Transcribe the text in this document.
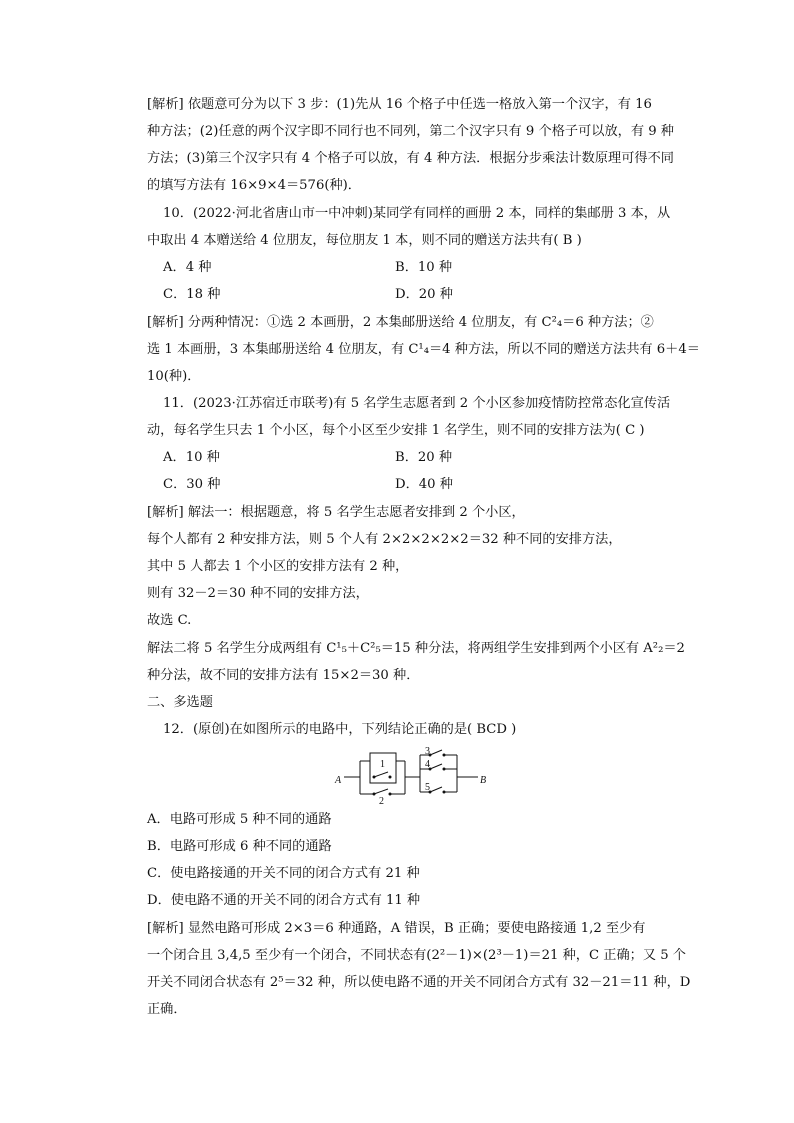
[解析] 依题意可分为以下 3 步：(1)先从 16 个格子中任选一格放入第一个汉字，有 16
种方法；(2)任意的两个汉字即不同行也不同列，第二个汉字只有 9 个格子可以放，有 9 种
方法；(3)第三个汉字只有 4 个格子可以放，有 4 种方法．根据分步乘法计数原理可得不同
的填写方法有 16×9×4＝576(种)．
10．(2022·河北省唐山市一中冲刺)某同学有同样的画册 2 本，同样的集邮册 3 本，从
中取出 4 本赠送给 4 位朋友，每位朋友 1 本，则不同的赠送方法共有( B )
A．4 种	B．10 种
C．18 种	D．20 种
[解析] 分两种情况：①选 2 本画册，2 本集邮册送给 4 位朋友，有 C²₄＝6 种方法；②
选 1 本画册，3 本集邮册送给 4 位朋友，有 C¹₄＝4 种方法，所以不同的赠送方法共有 6＋4＝
10(种)．
11．(2023·江苏宿迁市联考)有 5 名学生志愿者到 2 个小区参加疫情防控常态化宣传活
动，每名学生只去 1 个小区，每个小区至少安排 1 名学生，则不同的安排方法为( C )
A．10 种	B．20 种
C．30 种	D．40 种
[解析] 解法一：根据题意，将 5 名学生志愿者安排到 2 个小区，
每个人都有 2 种安排方法，则 5 个人有 2×2×2×2×2＝32 种不同的安排方法，
其中 5 人都去 1 个小区的安排方法有 2 种，
则有 32－2＝30 种不同的安排方法，
故选 C.
解法二将 5 名学生分成两组有 C¹₅＋C²₅＝15 种分法，将两组学生安排到两个小区有 A²₂＝2
种分法，故不同的安排方法有 15×2＝30 种．
二、多选题
12．(原创)在如图所示的电路中，下列结论正确的是( BCD )
A	B
1
2
3
4
5
A．电路可形成 5 种不同的通路
B．电路可形成 6 种不同的通路
C．使电路接通的开关不同的闭合方式有 21 种
D．使电路不通的开关不同的闭合方式有 11 种
[解析] 显然电路可形成 2×3＝6 种通路，A 错误，B 正确；要使电路接通 1,2 至少有
一个闭合且 3,4,5 至少有一个闭合，不同状态有(2²－1)×(2³－1)＝21 种，C 正确；又 5 个
开关不同闭合状态有 2⁵＝32 种，所以使电路不通的开关不同闭合方式有 32－21＝11 种，D
正确．
